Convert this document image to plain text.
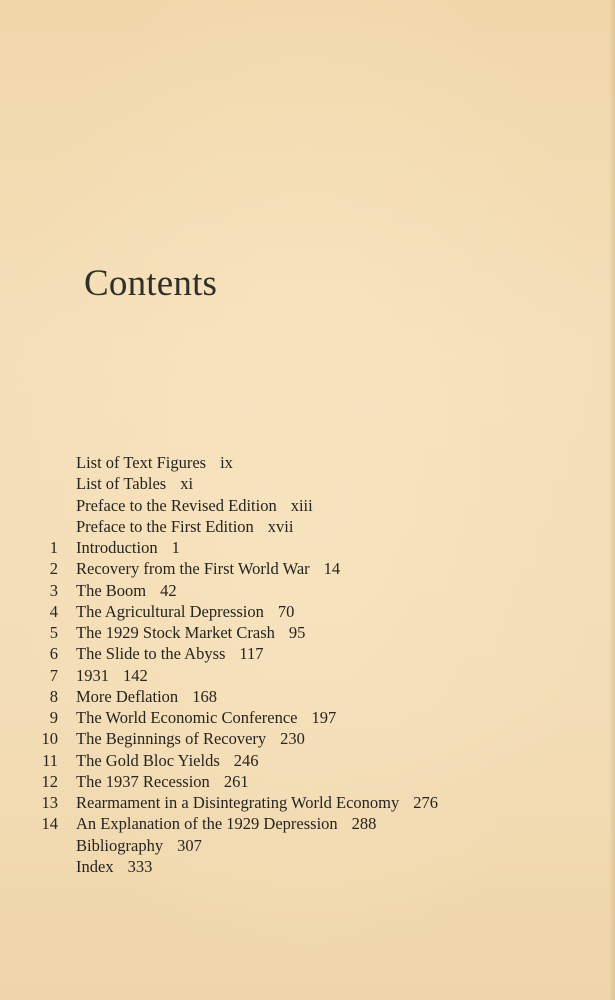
Contents
List of Text Figures ix
List of Tables xi
Preface to the Revised Edition xiii
Preface to the First Edition xvii
1 Introduction 1
2 Recovery from the First World War 14
3 The Boom 42
4 The Agricultural Depression 70
5 The 1929 Stock Market Crash 95
6 The Slide to the Abyss 117
7 1931 142
8 More Deflation 168
9 The World Economic Conference 197
10 The Beginnings of Recovery 230
11 The Gold Bloc Yields 246
12 The 1937 Recession 261
13 Rearmament in a Disintegrating World Economy 276
14 An Explanation of the 1929 Depression 288
Bibliography 307
Index 333
